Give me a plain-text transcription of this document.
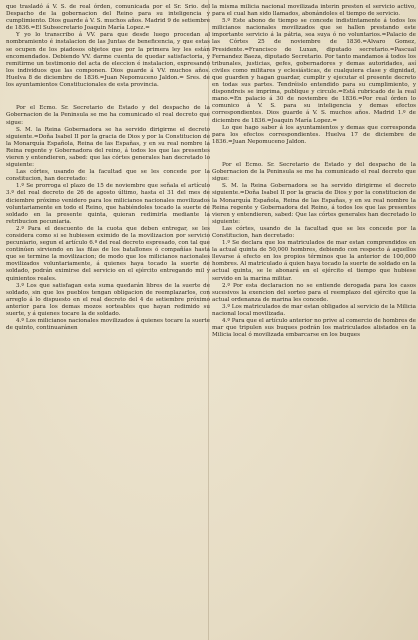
que trasladó á V. S. de real órden, comunicada por el Sr. Srio. del Despacho de la gobernacion del Reino para su inteligencia y cumplimiento. Dios guarde á V. S. muchos años. Madrid 9 de setiembre de 1836.=El Subsecretario Joaquin María Lopez.=

Y yo lo transcribo á VV. para que desde luego procedan al nombramiento é instalacion de las Juntas de beneficencia, y que estas se ocupen de los piadosos objetos que por la primera ley les están encomendados. Debiendo VV. darme cuenta de quedar satisfactoria, y remitirme un testimonio del acta de eleccion é instalacion, expresando los individuos que las componen. Dios guarde á VV. muchos años. Huelva 8 de diciembre de 1836.=Juan Nepomuceno Jaldon.= Sres. de los ayuntamientos Constitucionales de esta provincia.

Por el Ecmo. Sr. Secretario de Estado y del despacho de la Gobernacion de la Peninsula se me ha comunicado el real decreto que sigue:

S. M. la Reina Gobernadora se ha servido dirigirme el decreto siguiente.=Doña Isabel II por la gracia de Dios y por la Constitucion de la Monarquía Española, Reina de las Españas, y en su real nombre la Reina regente y Gobernadora del reino, á todos los que las presentes vieren y entendieren, sabed: que las córtes generales han decretado lo siguiente:

Las córtes, usando de la facultad que se les concede por la constitucion, han decretado:

1.º Se prorroga el plazo de 15 de noviembre que señala el artículo 3.º del real decreto de 26 de agosto último, hasta el 31 del mes de diciembre próximo venidero para los milicianos nacionales movilizados voluntariamente en todo el Reino, que habiéndoles tocado la suerte de soldado en la presente quinta, quieran redimirla mediante la retribucion pecuniaria.

2.º Para el descuento de la cuota que deben entregar, se les considera como si se hubiesen eximido de la movilizacion por servicio pecuniario, segun el artículo 6.º del real decreto espresado, con tal que continúen sirviendo en las filas de los batallones ó compañías hasta que se termine la movilizacion; de modo que los milicianos nacionales movilizados voluntariamente, á quienes haya tocado la suerte de soldado, podrán eximirse del servicio en el ejército entregando mil y quinientos reales.

3.º Los que satisfagan esta suma quedarán libres de la suerte de soldado, sin que los pueblos tengan obligacion de reemplazarlos, con arreglo á lo dispuesto en el real decreto del 4 de setiembre próximo anterior para los demas mozos sorteables que hayan redimido su suerte, y á quienes tocare la de soldado.

4.º Los milicianos nacionales movilizados á quienes tocare la suerte de quinto, continuaránen

la misma milicia nacional movilizada interin presten el servicio activo, para el cual han sido llamados, abonándoles el tiempo de servicio.

5.º Este abono de tiempo se concede indistintamente á todos los milicianos nacionales movilizados que se hallen prestando este importante servicio á la pátria, sea suya ó no voluntarios.=Palacio de las Córtes 25 de noviembre de 1836.=Alvaro Gomez, Presidente.=Francisco de Luxan, diputado secretario.=Pascual Fernandez Baeza, diputado Secretario. Por tanto mandamos á todos los tribunales, justicias, gefes, gobernadores y demas autoridades, así civiles como militares y eclesiásticas, de cualquiera clase y dignidad, que guarden y hagan guardar, cumplir y ejecutar el presente decreto en todas sus partes. Tendréislo entendido para su cumplimiento, y dispondreis se imprima, publique y circule.=Está rubricado de la real mano.=En palacio á 30 de noviembre de 1836.=Por real órden lo comunico á V. S. para su inteligencia y demas efectos correspondientes. Dios guarde á V. S. muchos años. Madrid 1.º de diciembre de 1836.=Joaquin María Lopez.=

Lo que hago saber á los ayuntamientos y demas que corresponda para los efectos correspondientes. Huelva 17 de diciembre de 1836.=Juan Nepomuceno Jaldon.

Por el Ecmo. Sr. Secretario de Estado y del despacho de la Gobernacion de la Peninsula se me ha comunicado el real decreto que sigue:

S. M. la Reina Gobernadora se ha servido dirigirme el decreto siguiente.=Doña Isabel II por la gracia de Dios y por la constitucion de la Monarquía Española, Reina de las Españas, y en su real nombre la Reina regente y Gobernadora del Reino, á todos los que las presentes vieren y entendieren, sabed: Que las córtes generales han decretado lo siguiente:

Las córtes, usando de la facultad que se les concede por la Constitucion, han decretado:

1.º Se declara que los matriculados de mar estan comprendidos en la actual quinta de 50,000 hombres, debiendo con respecto á aquellos llevarse á efecto en los propios términos que la anterior de 100,000 hombres. Al matriculado á quien haya tocado la suerte de soldado en la actual quinta, se le abonará en el ejército el tiempo que hubiese servido en la marina militar.

2.º Por esta declaracion no se entiende derogada para los casos sucesivos la exencion del sorteo para el reemplazo del ejército que la actual ordenanza de marina les concede.

3.º Los matriculados de mar estan obligados al servicio de la Milicia nacional local movilizada.

4.º Para que el artículo anterior no prive al comercio de hombres de mar que tripulen sus buques podrán los matriculados alistados en la Milicia local ó movilizada embarcarse en los buques
